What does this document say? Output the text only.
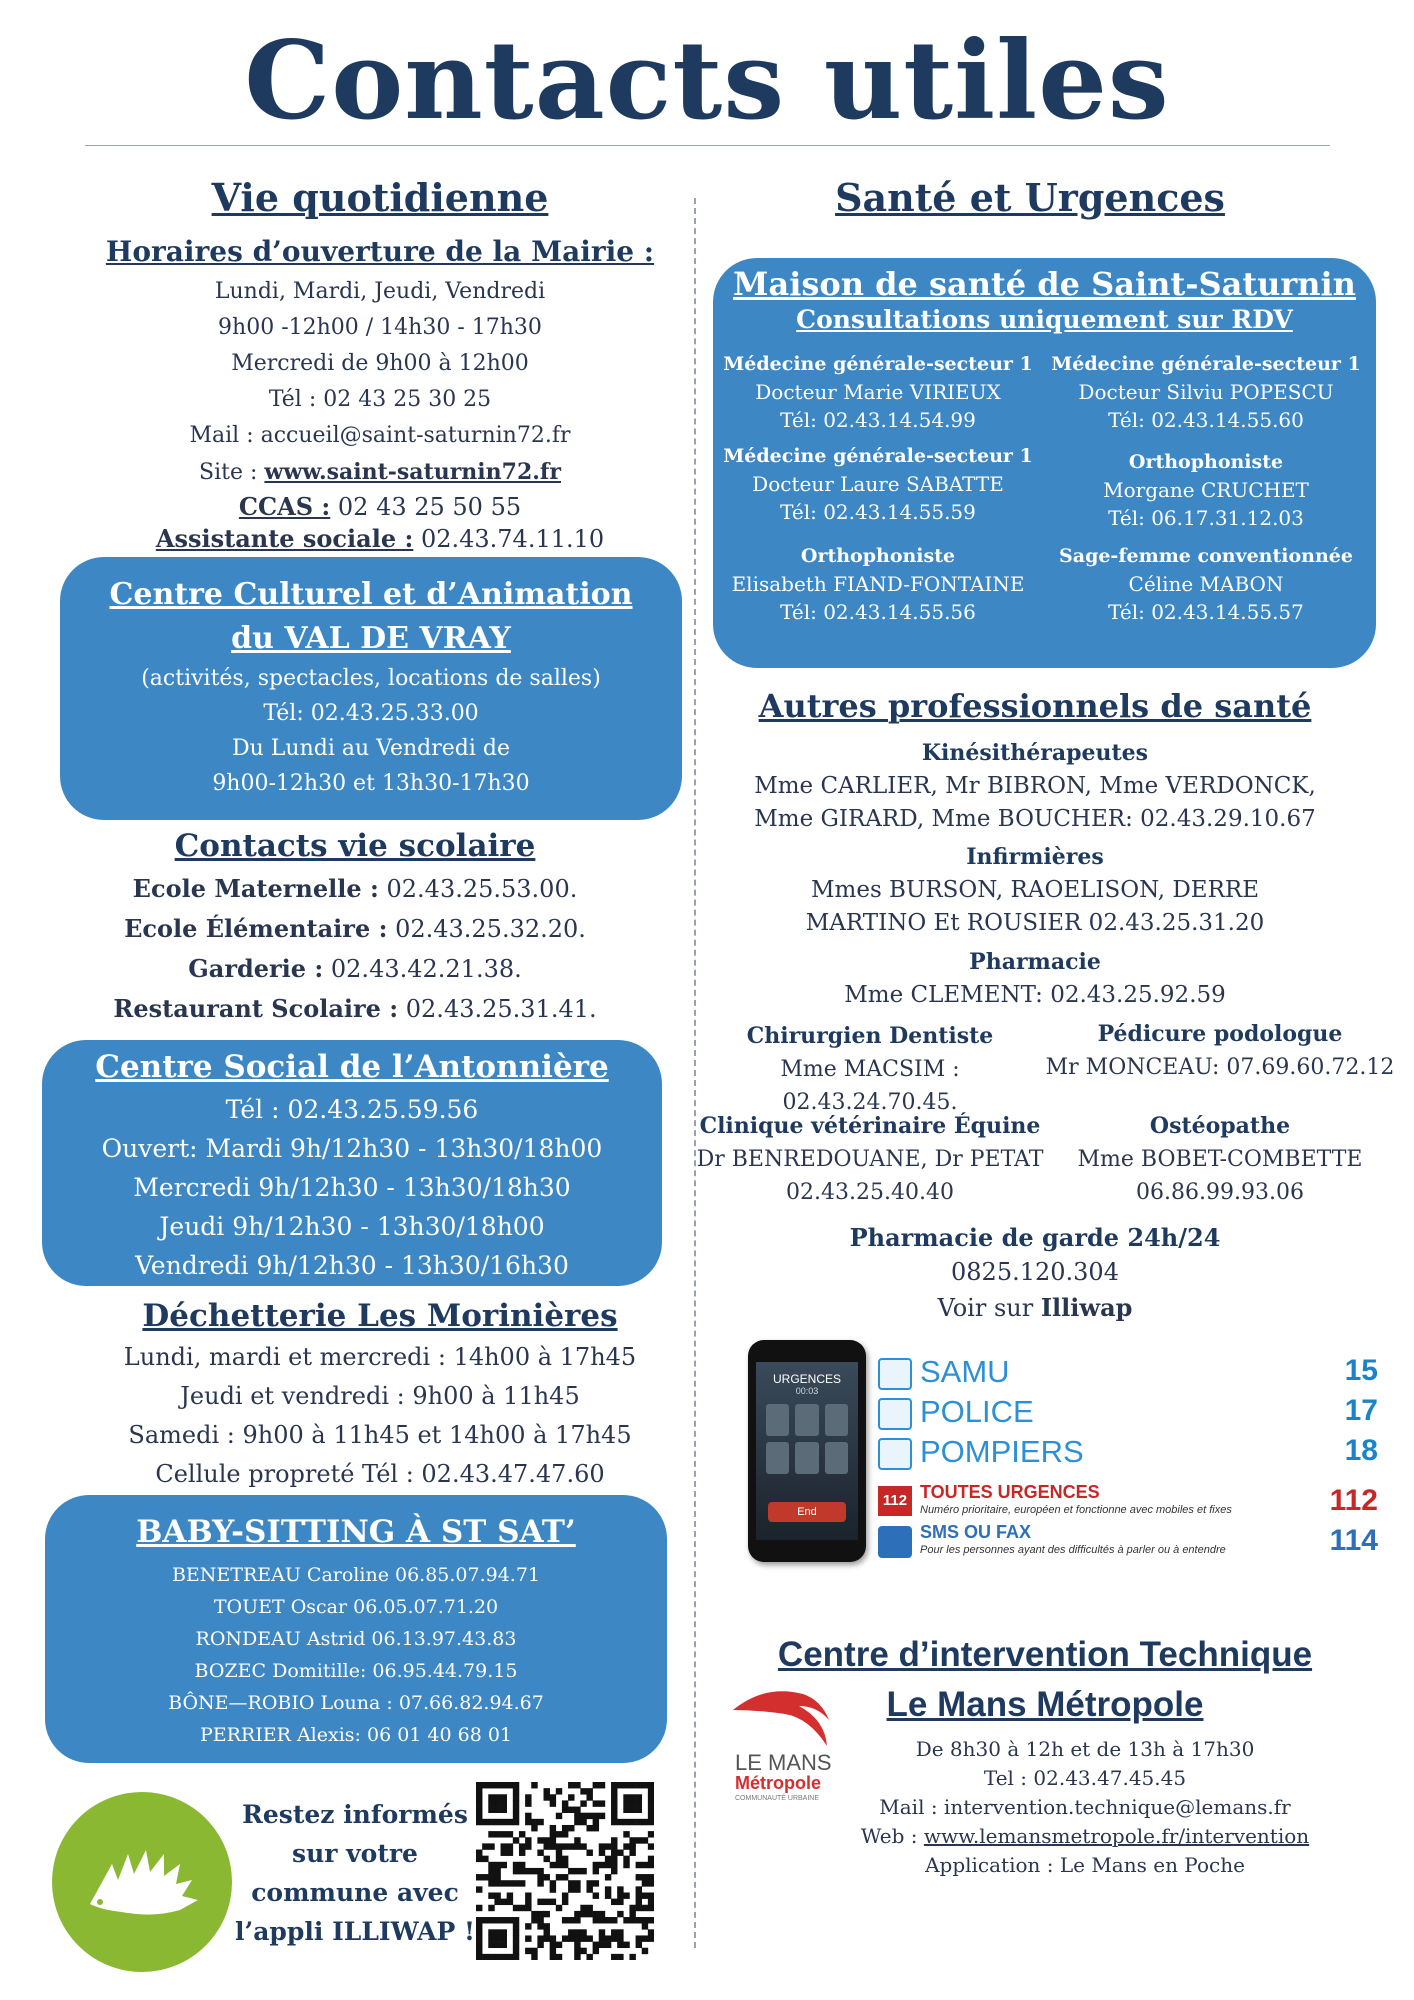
Contacts utiles
Vie quotidienne
Horaires d’ouverture de la Mairie :
Lundi, Mardi, Jeudi, Vendredi
9h00 -12h00 / 14h30 - 17h30
Mercredi de 9h00 à 12h00
Tél : 02 43 25 30 25
Mail : accueil@saint-saturnin72.fr
Site : www.saint-saturnin72.fr
CCAS : 02 43 25 50 55
Assistante sociale : 02.43.74.11.10
Centre Culturel et d’Animation
du VAL DE VRAY
(activités, spectacles, locations de salles)
Tél: 02.43.25.33.00
Du Lundi au Vendredi de
9h00-12h30 et 13h30-17h30
Contacts vie scolaire
Ecole Maternelle : 02.43.25.53.00.
Ecole Élémentaire : 02.43.25.32.20.
Garderie : 02.43.42.21.38.
Restaurant Scolaire : 02.43.25.31.41.
Centre Social de l’Antonnière
Tél : 02.43.25.59.56
Ouvert: Mardi 9h/12h30 - 13h30/18h00
Mercredi 9h/12h30 - 13h30/18h30
Jeudi 9h/12h30 - 13h30/18h00
Vendredi 9h/12h30 - 13h30/16h30
Déchetterie Les Morinières
Lundi, mardi et mercredi : 14h00 à 17h45
Jeudi et vendredi : 9h00 à 11h45
Samedi : 9h00 à 11h45 et 14h00 à 17h45
Cellule propreté Tél : 02.43.47.47.60
BABY-SITTING À ST SAT’
BENETREAU Caroline 06.85.07.94.71
TOUET Oscar 06.05.07.71.20
RONDEAU Astrid 06.13.97.43.83
BOZEC Domitille: 06.95.44.79.15
BÔNE—ROBIO Louna : 07.66.82.94.67
PERRIER Alexis: 06 01 40 68 01
Restez informés
sur votre
commune avec
l’appli ILLIWAP !
Santé et Urgences
Maison de santé de Saint-Saturnin
Consultations uniquement sur RDV
Médecine générale-secteur 1
Docteur Marie VIRIEUX
Tél: 02.43.14.54.99
Médecine générale-secteur 1
Docteur Silviu POPESCU
Tél: 02.43.14.55.60
Médecine générale-secteur 1
Docteur Laure SABATTE
Tél: 02.43.14.55.59
Orthophoniste
Morgane CRUCHET
Tél: 06.17.31.12.03
Orthophoniste
Elisabeth FIAND-FONTAINE
Tél: 02.43.14.55.56
Sage-femme conventionnée
Céline MABON
Tél: 02.43.14.55.57
Autres professionnels de santé
Kinésithérapeutes
Mme CARLIER, Mr BIBRON, Mme VERDONCK,
Mme GIRARD, Mme BOUCHER: 02.43.29.10.67
Infirmières
Mmes BURSON, RAOELISON, DERRE
MARTINO Et ROUSIER 02.43.25.31.20
Pharmacie
Mme CLEMENT: 02.43.25.92.59
Chirurgien Dentiste
Mme MACSIM : 02.43.24.70.45.
Pédicure podologue
Mr MONCEAU: 07.69.60.72.12
Clinique vétérinaire Équine
Dr BENREDOUANE, Dr PETAT
02.43.25.40.40
Ostéopathe
Mme BOBET-COMBETTE
06.86.99.93.06
Pharmacie de garde 24h/24
0825.120.304
Voir sur Illiwap
URGENCES
00:03
End
SAMU	15
POLICE	17
POMPIERS	18
112 TOUTES URGENCES
Numéro prioritaire, européen et fonctionne avec mobiles et fixes	112
SMS OU FAX
Pour les personnes ayant des difficultés à parler ou à entendre	114
Centre d’intervention Technique
Le Mans Métropole
LE MANS
Métropole
COMMUNAUTÉ URBAINE
De 8h30 à 12h et de 13h à 17h30
Tel : 02.43.47.45.45
Mail : intervention.technique@lemans.fr
Web : www.lemansmetropole.fr/intervention
Application : Le Mans en Poche
